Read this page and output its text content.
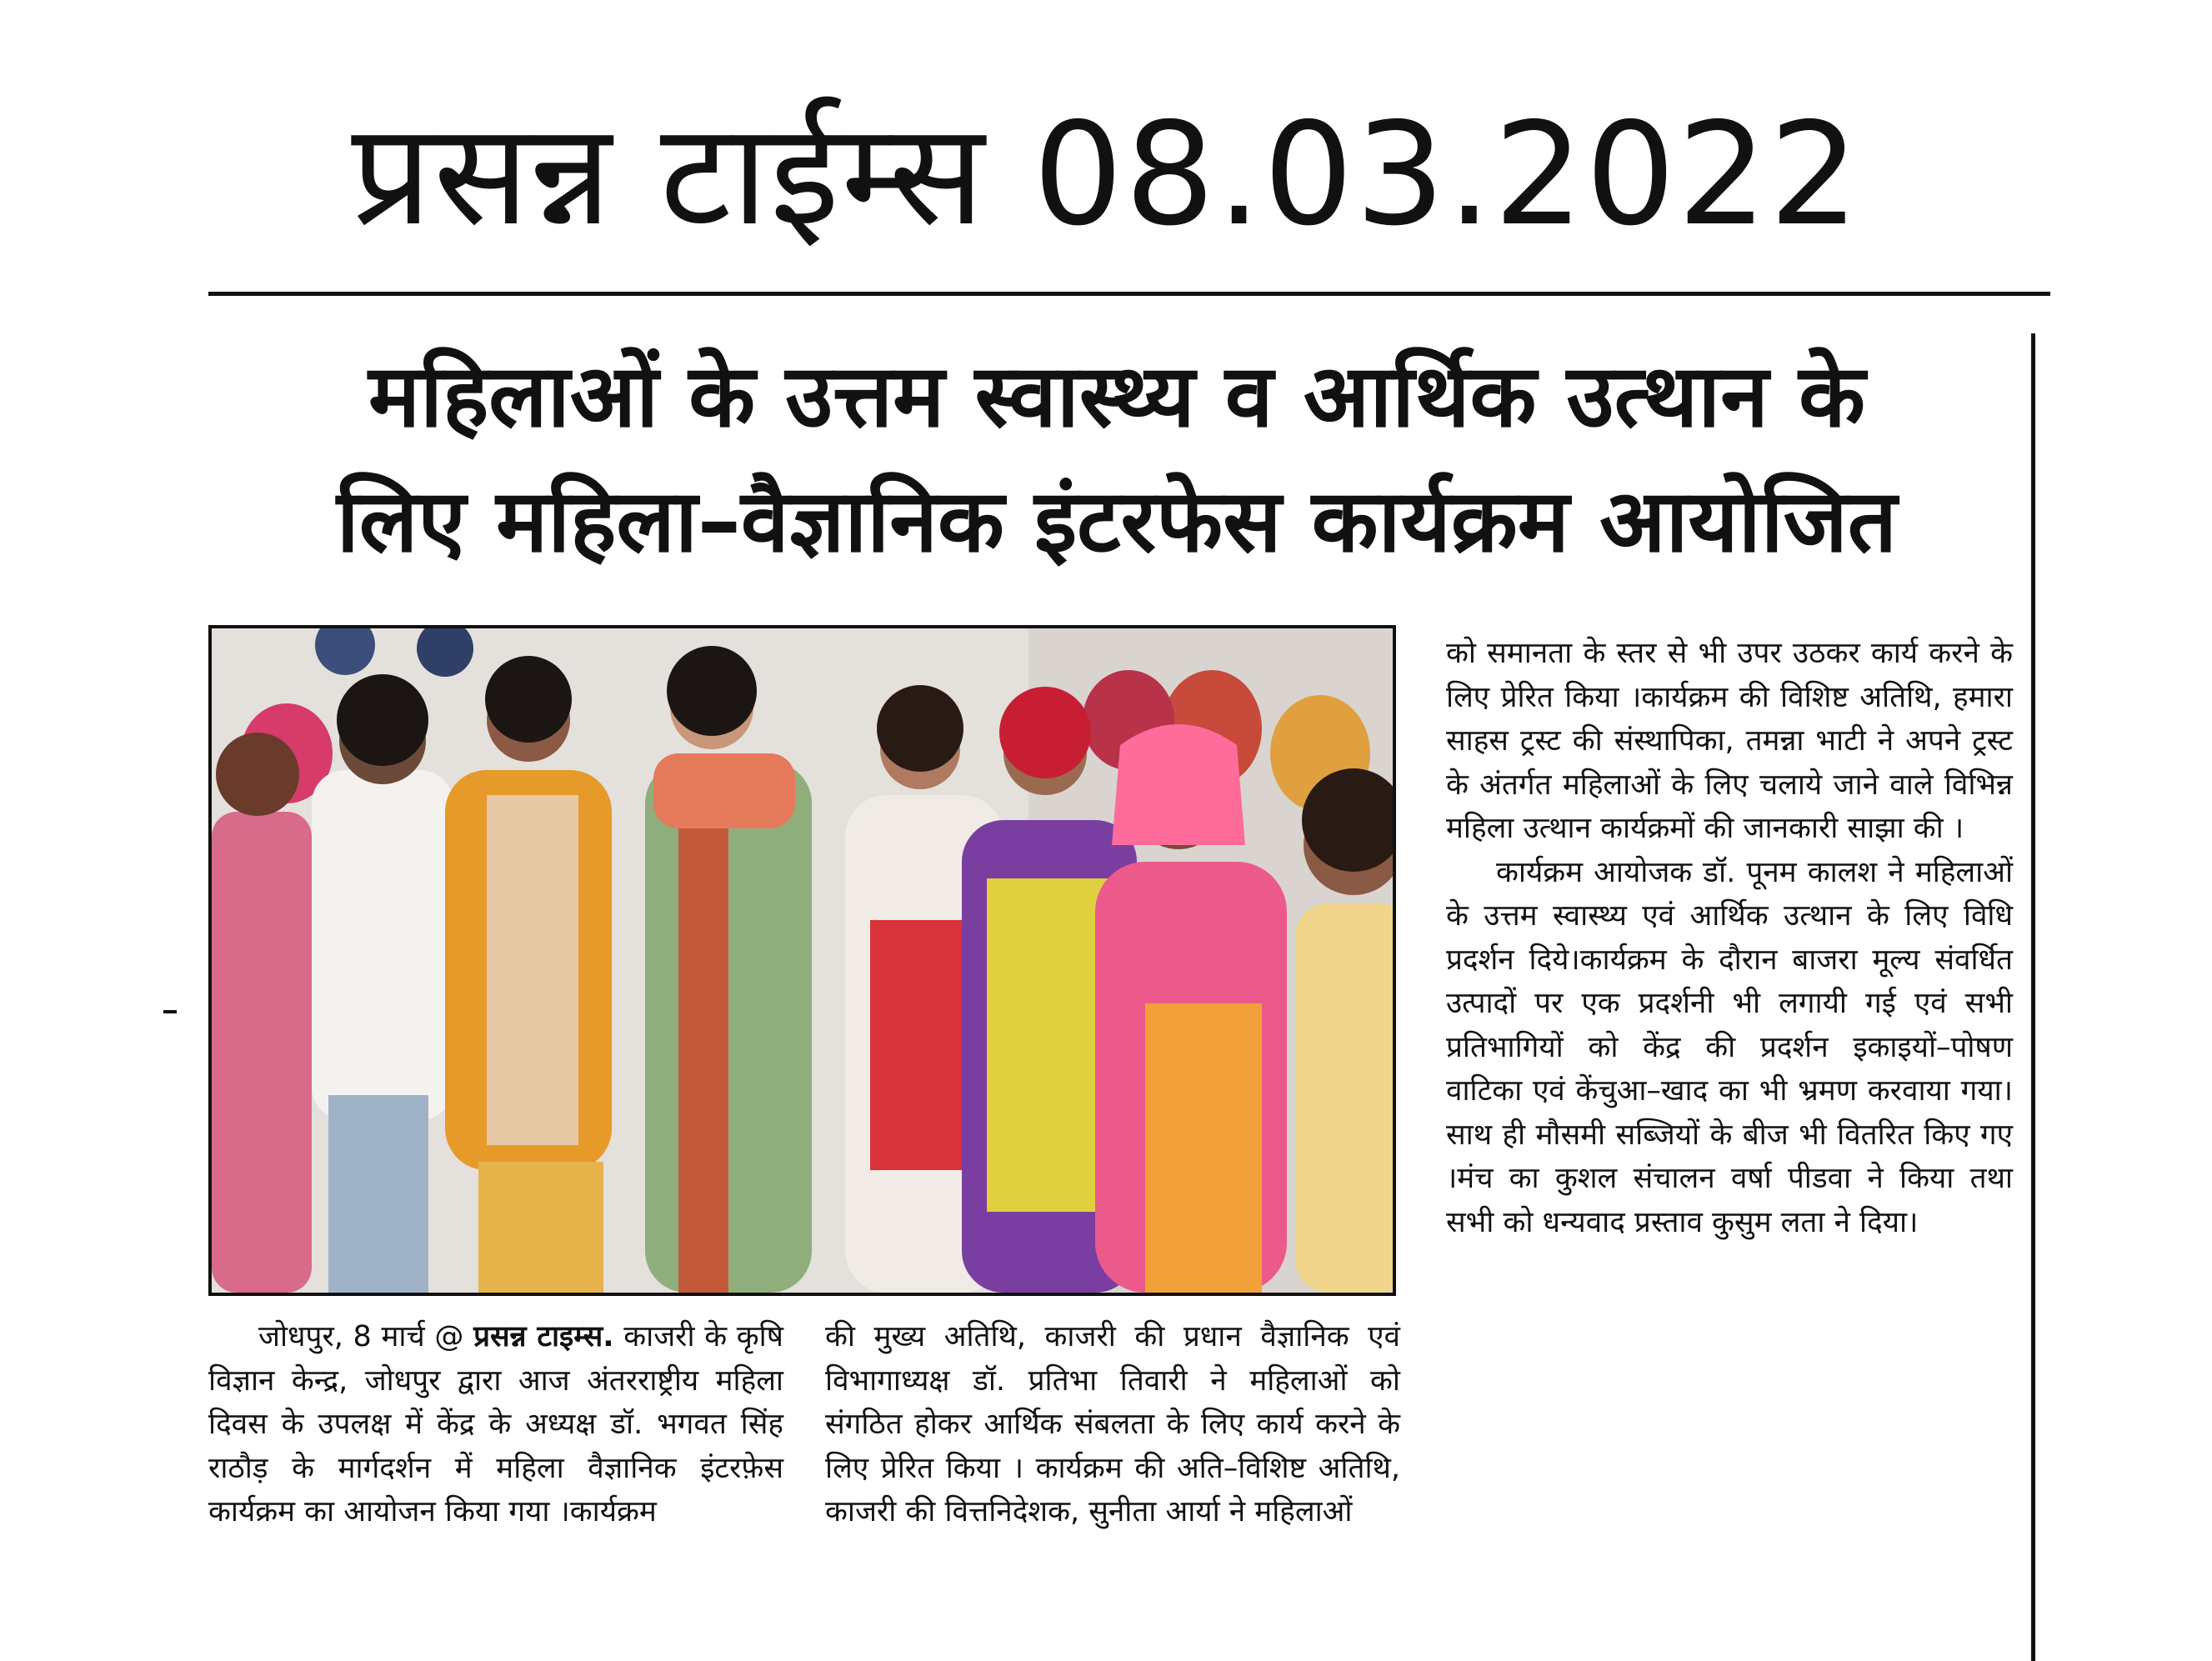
प्रसन्न टाईम्स 08.03.2022
महिलाओं के उत्तम स्वास्थ्य व आर्थिक उत्थान के
लिए महिला–वैज्ञानिक इंटरफेस कार्यक्रम आयोजित

जोधपुर, 8 मार्च @ प्रसन्न टाइम्स. काजरी के कृषि विज्ञान केन्द्र, जोधपुर द्वारा आज अंतरराष्ट्रीय महिला दिवस के उपलक्ष में केंद्र के अध्यक्ष डॉ. भगवत सिंह राठौड़ के मार्गदर्शन में महिला वैज्ञानिक इंटरफ़ेस कार्यक्रम का आयोजन किया गया ।कार्यक्रम

की मुख्य अतिथि, काजरी की प्रधान वैज्ञानिक एवं विभागाध्यक्ष डॉ. प्रतिभा तिवारी ने महिलाओं को संगठित होकर आर्थिक संबलता के लिए कार्य करने के लिए प्रेरित किया । कार्यक्रम की अति–विशिष्ट अतिथि, काजरी की वित्तनिदेशक, सुनीता आर्या ने महिलाओं

को समानता के स्तर से भी उपर उठकर कार्य करने के लिए प्रेरित किया ।कार्यक्रम की विशिष्ट अतिथि, हमारा साहस ट्रस्ट की संस्थापिका, तमन्ना भाटी ने अपने ट्रस्ट के अंतर्गत महिलाओं के लिए चलाये जाने वाले विभिन्न महिला उत्थान कार्यक्रमों की जानकारी साझा की ।

कार्यक्रम आयोजक डॉ. पूनम कालश ने महिलाओं के उत्तम स्वास्थ्य एवं आर्थिक उत्थान के लिए विधि प्रदर्शन दिये।कार्यक्रम के दौरान बाजरा मूल्य संवर्धित उत्पादों पर एक प्रदर्शनी भी लगायी गई एवं सभी प्रतिभागियों को केंद्र की प्रदर्शन इकाइयों–पोषण वाटिका एवं केंचुआ–खाद का भी भ्रमण करवाया गया। साथ ही मौसमी सब्जियों के बीज भी वितरित किए गए ।मंच का कुशल संचालन वर्षा पीडवा ने किया तथा सभी को धन्यवाद प्रस्ताव कुसुम लता ने दिया।
